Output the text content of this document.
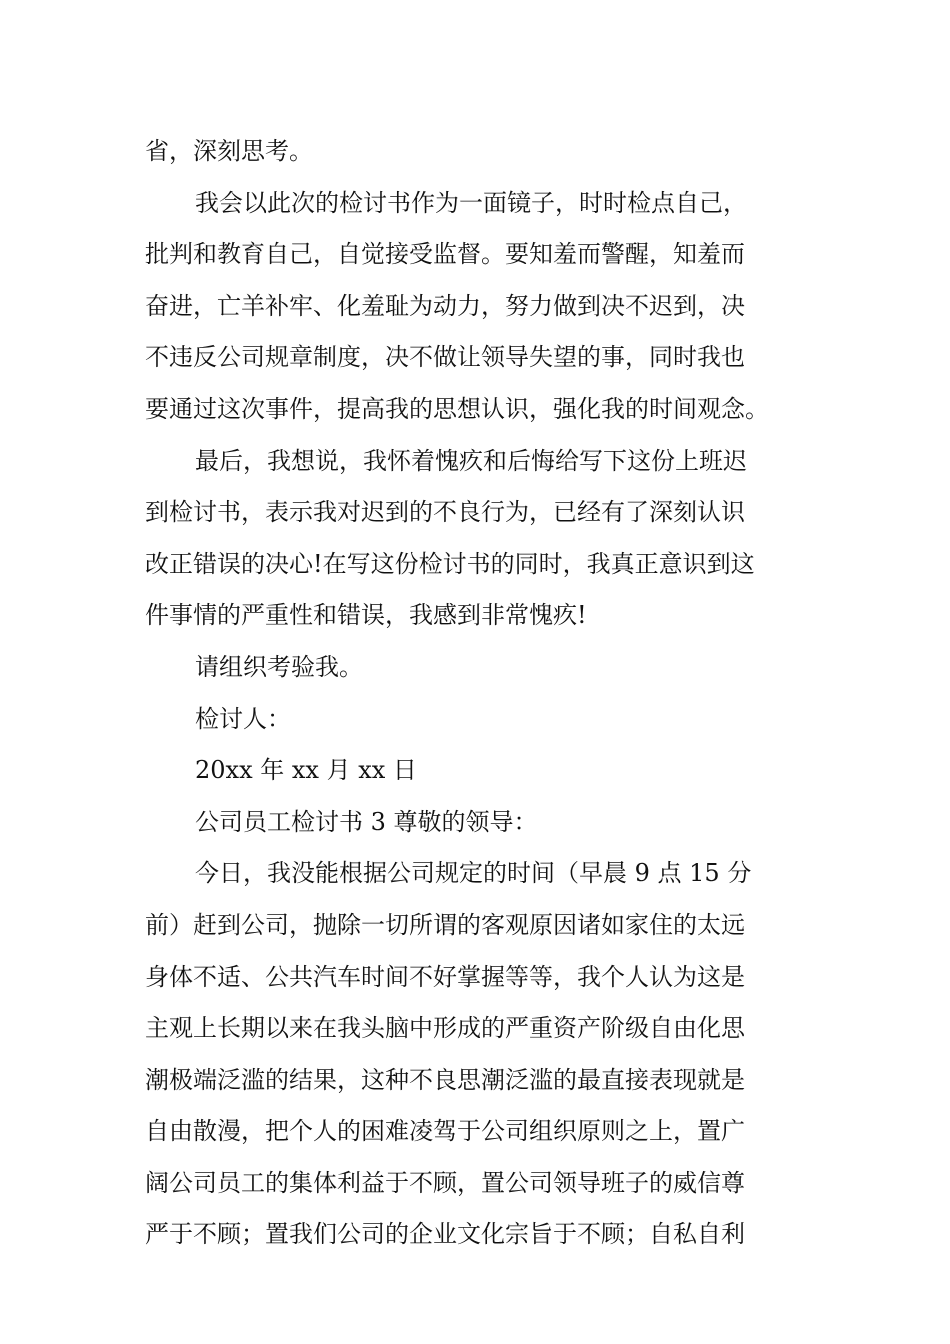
省，深刻思考。
我会以此次的检讨书作为一面镜子，时时检点自己，
批判和教育自己，自觉接受监督。要知羞而警醒，知羞而
奋进，亡羊补牢、化羞耻为动力，努力做到决不迟到，决
不违反公司规章制度，决不做让领导失望的事，同时我也
要通过这次事件，提高我的思想认识，强化我的时间观念。
最后，我想说，我怀着愧疚和后悔给写下这份上班迟
到检讨书，表示我对迟到的不良行为，已经有了深刻认识
改正错误的决心!在写这份检讨书的同时，我真正意识到这
件事情的严重性和错误，我感到非常愧疚!
请组织考验我。
检讨人：
20xx 年 xx 月 xx 日
公司员工检讨书 3 尊敬的领导：
今日，我没能根据公司规定的时间（早晨 9 点 15 分
前）赶到公司，抛除一切所谓的客观原因诸如家住的太远
身体不适、公共汽车时间不好掌握等等，我个人认为这是
主观上长期以来在我头脑中形成的严重资产阶级自由化思
潮极端泛滥的结果，这种不良思潮泛滥的最直接表现就是
自由散漫，把个人的困难凌驾于公司组织原则之上，置广
阔公司员工的集体利益于不顾，置公司领导班子的威信尊
严于不顾；置我们公司的企业文化宗旨于不顾；自私自利
